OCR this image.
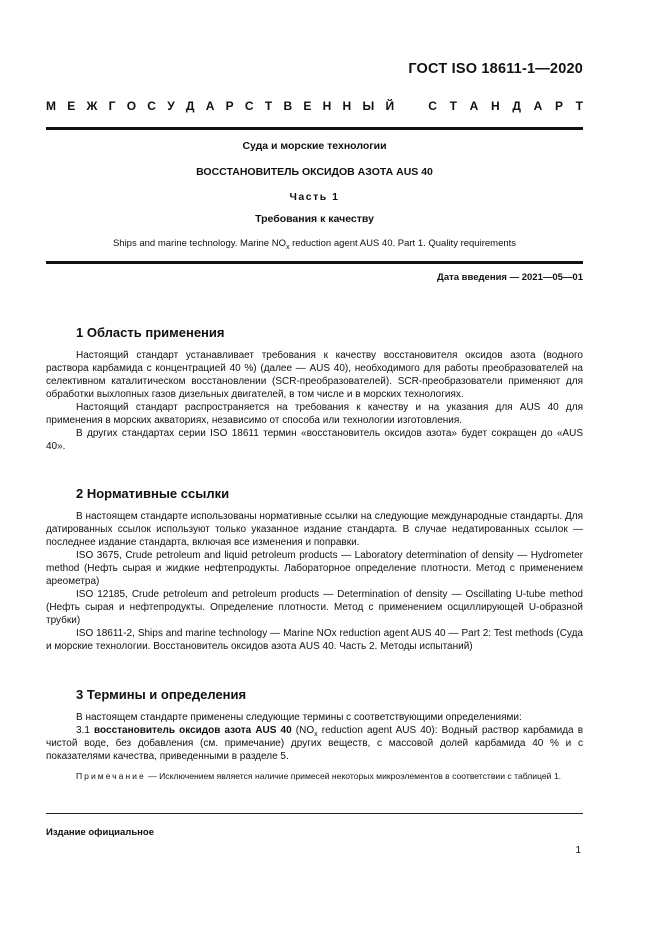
ГОСТ ISO 18611-1—2020
М Е Ж Г О С У Д А Р С Т В Е Н Н Ы Й	С Т А Н Д А Р Т
Суда и морские технологии
ВОССТАНОВИТЕЛЬ ОКСИДОВ АЗОТА AUS 40
Часть 1
Требования к качеству
Ships and marine technology. Marine $NO_x$ reduction agent AUS 40. Part 1. Quality requirements
Дата введения — 2021—05—01
1 Область применения

Настоящий стандарт устанавливает требования к качеству восстановителя оксидов азота (водного раствора карбамида с концентрацией 40 %) (далее — AUS 40), необходимого для работы преобразователей на селективном каталитическом восстановлении (SCR-преобразователей). SCR-преобразователи применяют для обработки выхлопных газов дизельных двигателей, в том числе и в морских технологиях.

Настоящий стандарт распространяется на требования к качеству и на указания для AUS 40 для применения в морских акваториях, независимо от способа или технологии изготовления.

В других стандартах серии ISO 18611 термин «восстановитель оксидов азота» будет сокращен до «AUS 40».

2 Нормативные ссылки

В настоящем стандарте использованы нормативные ссылки на следующие международные стандарты. Для датированных ссылок используют только указанное издание стандарта. В случае недатированных ссылок — последнее издание стандарта, включая все изменения и поправки.

ISO 3675, Crude petroleum and liquid petroleum products — Laboratory determination of density — Hydrometer method (Нефть сырая и жидкие нефтепродукты. Лабораторное определение плотности. Метод с применением ареометра)

ISO 12185, Crude petroleum and petroleum products — Determination of density — Oscillating U-tube method (Нефть сырая и нефтепродукты. Определение плотности. Метод с применением осциллирующей U-образной трубки)

ISO 18611-2, Ships and marine technology — Marine NOx reduction agent AUS 40 — Part 2: Test methods (Суда и морские технологии. Восстановитель оксидов азота AUS 40. Часть 2. Методы испытаний)

3 Термины и определения

В настоящем стандарте применены следующие термины с соответствующими определениями:

3.1 восстановитель оксидов азота AUS 40 ($NO_x$ reduction agent AUS 40): Водный раствор карбамида в чистой воде, без добавления (см. примечание) других веществ, с массовой долей карбамида 40 % и с показателями качества, приведенными в разделе 5.

Примечание — Исключением является наличие примесей некоторых микроэлементов в соответствии с таблицей 1.

Издание официальное
1
